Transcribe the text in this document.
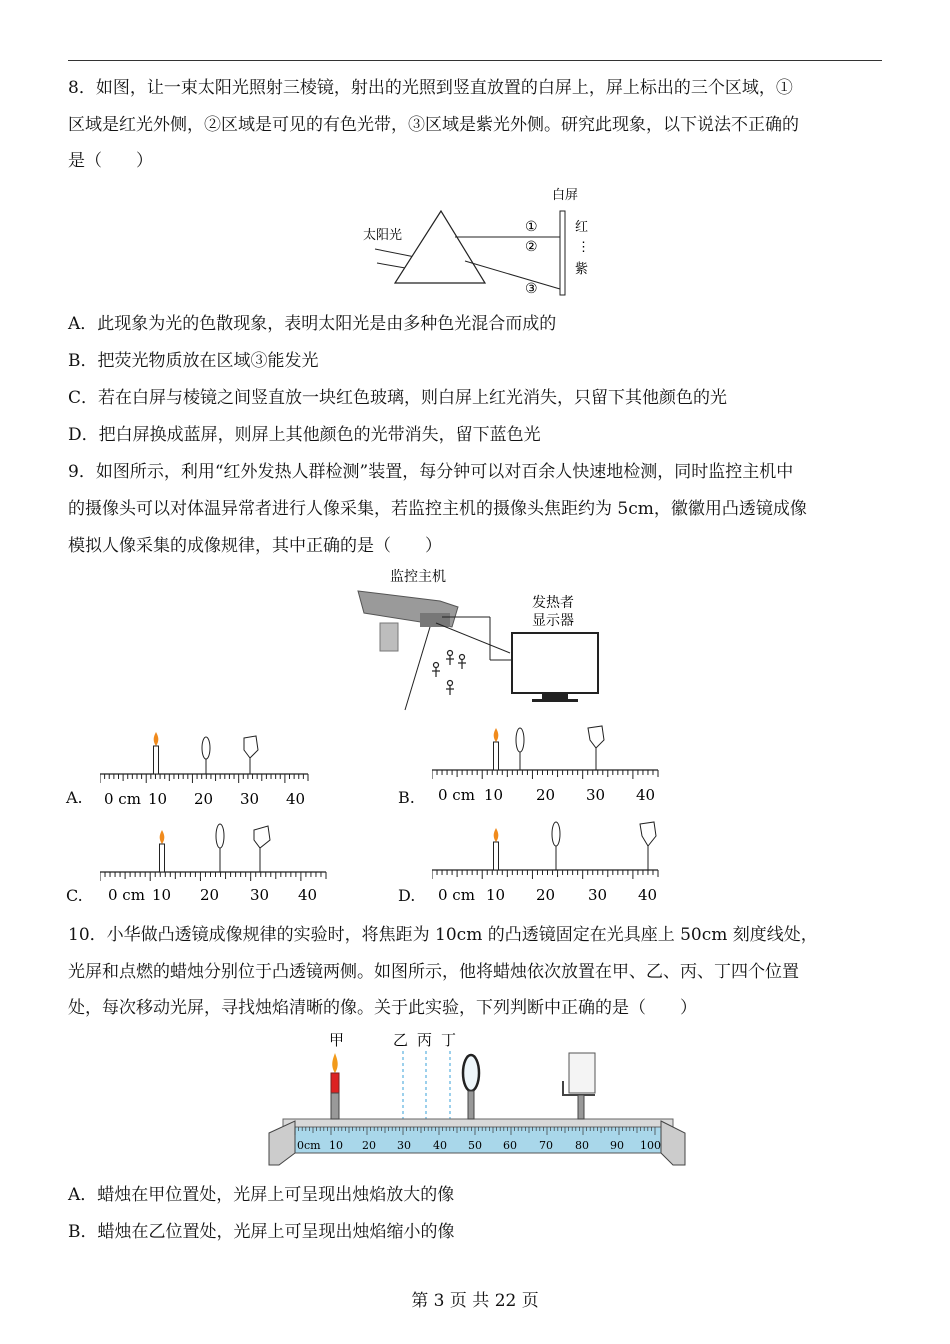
8．如图，让一束太阳光照射三棱镜，射出的光照到竖直放置的白屏上，屏上标出的三个区域，①
区域是红光外侧，②区域是可见的有色光带，③区域是紫光外侧。研究此现象，以下说法不正确的
是（　　）
太阳光
白屏
①
②
③
红
⋮
紫
A．此现象为光的色散现象，表明太阳光是由多种色光混合而成的
B．把荧光物质放在区域③能发光
C．若在白屏与棱镜之间竖直放一块红色玻璃，则白屏上红光消失，只留下其他颜色的光
D．把白屏换成蓝屏，则屏上其他颜色的光带消失，留下蓝色光
9．如图所示，利用“红外发热人群检测”装置，每分钟可以对百余人快速地检测，同时监控主机中
的摄像头可以对体温异常者进行人像采集，若监控主机的摄像头焦距约为 5cm，徽徽用凸透镜成像
模拟人像采集的成像规律，其中正确的是（　　）
监控主机
发热者
显示器
A. 0 cm 10 20 30 40	B. 0 cm 10 20 30 40
C. 0 cm 10 20 30 40	D. 0 cm 10 20 30 40
10．小华做凸透镜成像规律的实验时，将焦距为 10cm 的凸透镜固定在光具座上 50cm 刻度线处，
光屏和点燃的蜡烛分别位于凸透镜两侧。如图所示，他将蜡烛依次放置在甲、乙、丙、丁四个位置
处，每次移动光屏，寻找烛焰清晰的像。关于此实验，下列判断中正确的是（　　）
甲	乙 丙 丁
0cm 10 20 30 40 50 60 70 80 90 100
A．蜡烛在甲位置处，光屏上可呈现出烛焰放大的像
B．蜡烛在乙位置处，光屏上可呈现出烛焰缩小的像
第 3 页 共 22 页
